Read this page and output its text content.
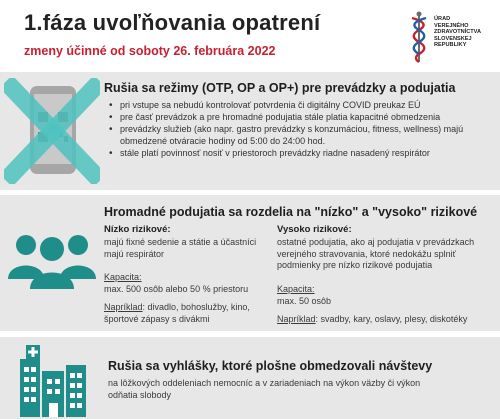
1.fáza uvoľňovania opatrení
zmeny účinné od soboty 26. februára 2022
ÚRAD
VEREJNÉHO
ZDRAVOTNÍCTVA
SLOVENSKEJ
REPUBLIKY
Rušia sa režimy (OTP, OP a OP+) pre prevádzky a podujatia
• pri vstupe sa nebudú kontrolovať potvrdenia či digitálny COVID preukaz EÚ
• pre časť prevádzok a pre hromadné podujatia stále platia kapacitné obmedzenia
• prevádzky služieb (ako napr. gastro prevádzky s konzumáciou, fitness, wellness) majú obmedzené otváracie hodiny od 5:00 do 24:00 hod.
• stále platí povinnosť nosiť v priestoroch prevádzky riadne nasadený respirátor
Hromadné podujatia sa rozdelia na "nízko" a "vysoko" rizikové
Nízko rizikové:
majú fixné sedenie a státie a účastníci majú respirátor
Kapacita:
max. 500 osôb alebo 50 % priestoru
Napríklad: divadlo, bohoslužby, kino, športové zápasy s divákmi
Vysoko rizikové:
ostatné podujatia, ako aj podujatia v prevádzkach verejného stravovania, ktoré nedokážu splniť podmienky pre nízko rizikové podujatia
Kapacita:
max. 50 osôb
Napríklad: svadby, kary, oslavy, plesy, diskotéky
Rušia sa vyhlášky, ktoré plošne obmedzovali návštevy
na lôžkových oddeleniach nemocníc a v zariadeniach na výkon väzby či výkon odňatia slobody
